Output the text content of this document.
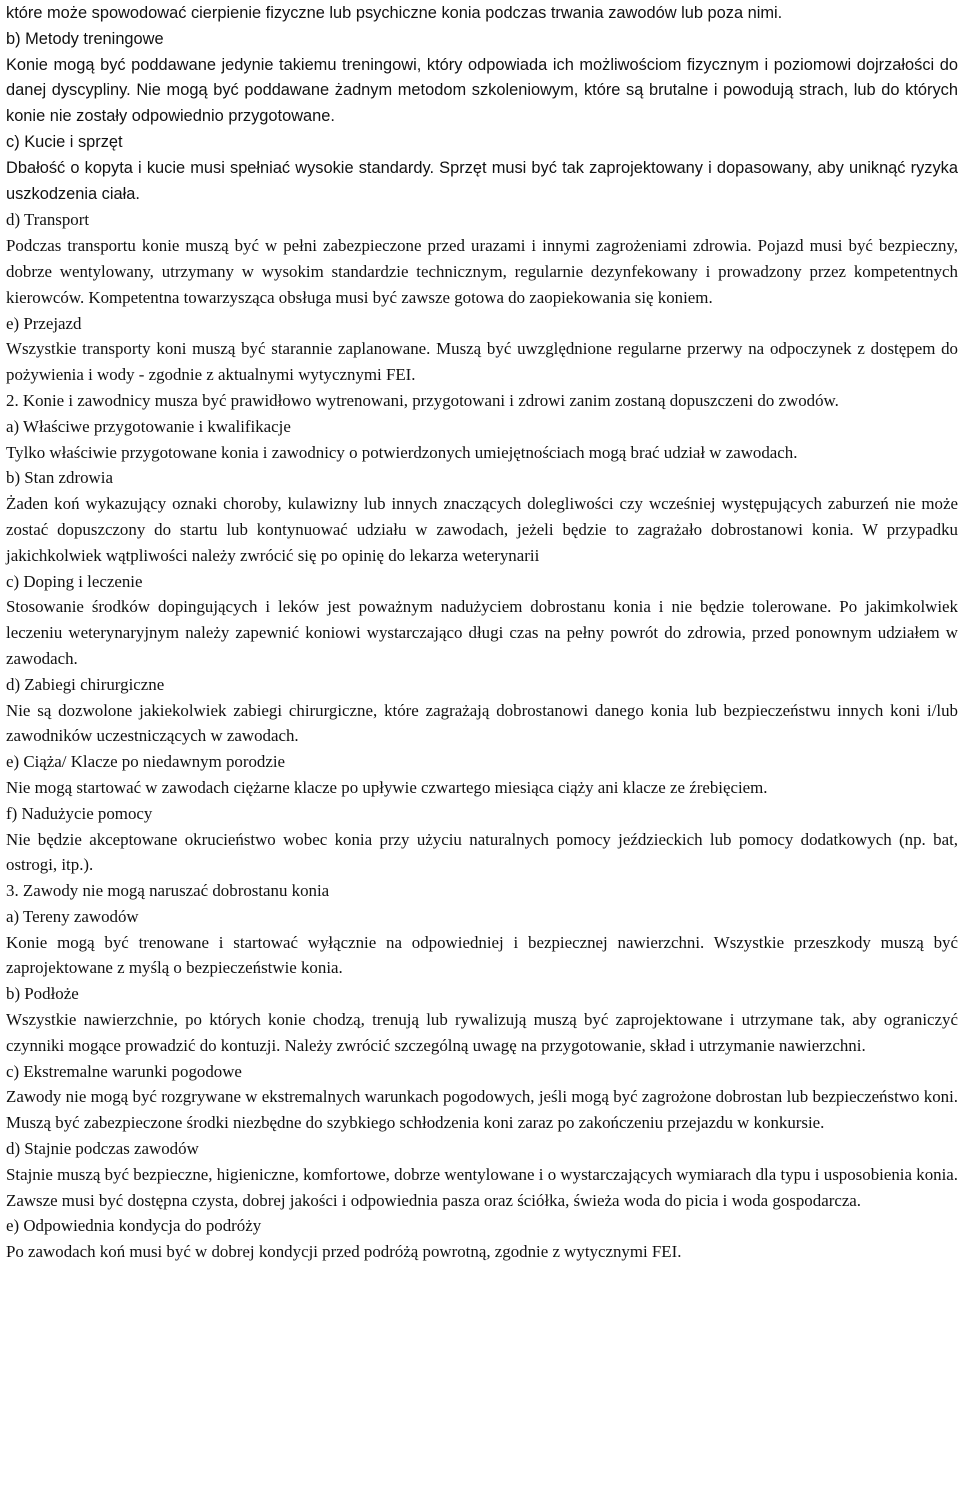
które może spowodować cierpienie fizyczne lub psychiczne konia podczas trwania zawodów lub poza nimi.

b) Metody treningowe

Konie mogą być poddawane jedynie takiemu treningowi, który odpowiada ich możliwościom fizycznym i poziomowi dojrzałości do danej dyscypliny. Nie mogą być poddawane żadnym metodom szkoleniowym, które są brutalne i powodują strach, lub do których konie nie zostały odpowiednio przygotowane.

c) Kucie i sprzęt

Dbałość o kopyta i kucie musi spełniać wysokie standardy. Sprzęt musi być tak zaprojektowany i dopasowany, aby uniknąć ryzyka uszkodzenia ciała.

d) Transport

Podczas transportu konie muszą być w pełni zabezpieczone przed urazami i innymi zagrożeniami zdrowia. Pojazd musi być bezpieczny, dobrze wentylowany, utrzymany w wysokim standardzie technicznym, regularnie dezynfekowany i prowadzony przez kompetentnych kierowców. Kompetentna towarzysząca obsługa musi być zawsze gotowa do zaopiekowania się koniem.

e) Przejazd

Wszystkie transporty koni muszą być starannie zaplanowane. Muszą być uwzględnione regularne przerwy na odpoczynek z dostępem do pożywienia i wody - zgodnie z aktualnymi wytycznymi FEI.

2. Konie i zawodnicy musza być prawidłowo wytrenowani, przygotowani i zdrowi zanim zostaną dopuszczeni do zwodów.

a) Właściwe przygotowanie i kwalifikacje

Tylko właściwie przygotowane konia i zawodnicy o potwierdzonych umiejętnościach mogą brać udział w zawodach.

b) Stan zdrowia

Żaden koń wykazujący oznaki choroby, kulawizny lub innych znaczących dolegliwości czy wcześniej występujących zaburzeń nie może zostać dopuszczony do startu lub kontynuować udziału w zawodach, jeżeli będzie to zagrażało dobrostanowi konia. W przypadku jakichkolwiek wątpliwości należy zwrócić się po opinię do lekarza weterynarii

c) Doping i leczenie

Stosowanie środków dopingujących i leków jest poważnym nadużyciem dobrostanu konia i nie będzie tolerowane. Po jakimkolwiek leczeniu weterynaryjnym należy zapewnić koniowi wystarczająco długi czas na pełny powrót do zdrowia, przed ponownym udziałem w zawodach.

d) Zabiegi chirurgiczne

Nie są dozwolone jakiekolwiek zabiegi chirurgiczne, które zagrażają dobrostanowi danego konia lub bezpieczeństwu innych koni i/lub zawodników uczestniczących w zawodach.

e) Ciąża/ Klacze po niedawnym porodzie

Nie mogą startować w zawodach ciężarne klacze po upływie czwartego miesiąca ciąży ani klacze ze źrebięciem.

f) Nadużycie pomocy

Nie będzie akceptowane okrucieństwo wobec konia przy użyciu naturalnych pomocy jeździeckich lub pomocy dodatkowych (np. bat, ostrogi, itp.).

3. Zawody nie mogą naruszać dobrostanu konia

a) Tereny zawodów

Konie mogą być trenowane i startować wyłącznie na odpowiedniej i bezpiecznej nawierzchni. Wszystkie przeszkody muszą być zaprojektowane z myślą o bezpieczeństwie konia.

b) Podłoże

Wszystkie nawierzchnie, po których konie chodzą, trenują lub rywalizują muszą być zaprojektowane i utrzymane tak, aby ograniczyć czynniki mogące prowadzić do kontuzji. Należy zwrócić szczególną uwagę na przygotowanie, skład i utrzymanie nawierzchni.

c) Ekstremalne warunki pogodowe

Zawody nie mogą być rozgrywane w ekstremalnych warunkach pogodowych, jeśli mogą być zagrożone dobrostan lub bezpieczeństwo koni. Muszą być zabezpieczone środki niezbędne do szybkiego schłodzenia koni zaraz po zakończeniu przejazdu w konkursie.

d) Stajnie podczas zawodów

Stajnie muszą być bezpieczne, higieniczne, komfortowe, dobrze wentylowane i o wystarczających wymiarach dla typu i usposobienia konia. Zawsze musi być dostępna czysta, dobrej jakości i odpowiednia pasza oraz ściółka, świeża woda do picia i woda gospodarcza.

e) Odpowiednia kondycja do podróży

Po zawodach koń musi być w dobrej kondycji przed podróżą powrotną, zgodnie z wytycznymi FEI.
